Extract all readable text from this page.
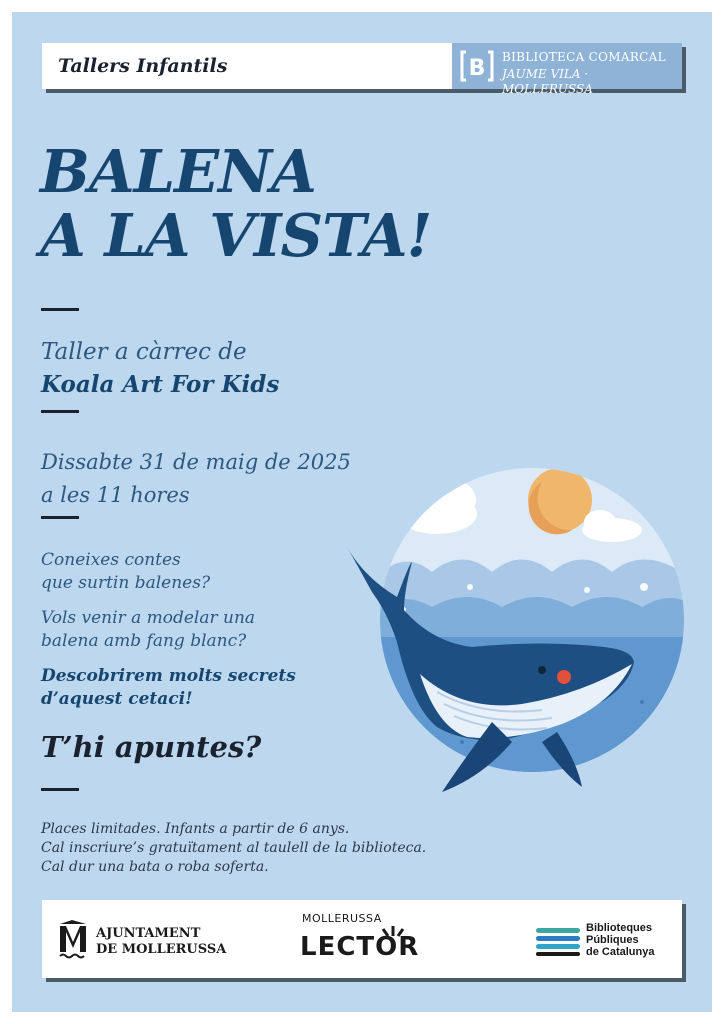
Tallers Infantils	B BIBLIOTECA COMARCAL
JAUME VILA · MOLLERUSSA
BALENA
A LA VISTA!
Taller a càrrec de
Koala Art For Kids
Dissabte 31 de maig de 2025
a les 11 hores
Coneixes contes
que surtin balenes?
Vols venir a modelar una
balena amb fang blanc?
Descobrirem molts secrets
d’aquest cetaci!
T’hi apuntes?
Places limitades. Infants a partir de 6 anys.
Cal inscriure’s gratuïtament al taulell de la biblioteca.
Cal dur una bata o roba soferta.
AJUNTAMENT
DE MOLLERUSSA
MOLLERUSSA
LECTOR
Biblioteques
Públiques
de Catalunya
